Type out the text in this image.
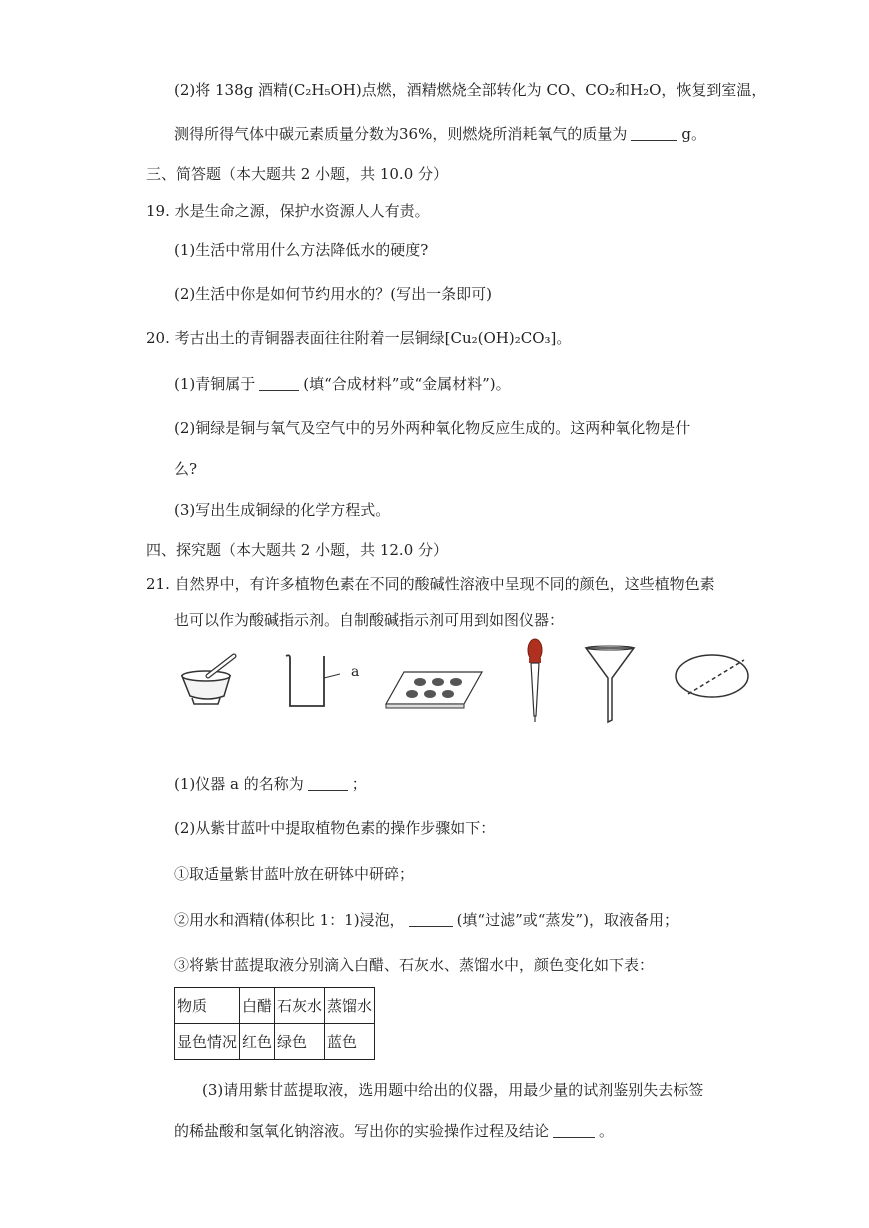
(2)将 138g 酒精(C₂H₅OH)点燃，酒精燃烧全部转化为 CO、CO₂和H₂O，恢复到室温，
测得所得气体中碳元素质量分数为36%，则燃烧所消耗氧气的质量为	g。
三、简答题（本大题共 2 小题，共 10.0 分）
19. 水是生命之源，保护水资源人人有责。
(1)生活中常用什么方法降低水的硬度?
(2)生活中你是如何节约用水的？(写出一条即可)
20. 考古出土的青铜器表面往往附着一层铜绿[Cu₂(OH)₂CO₃]。
(1)青铜属于	(填“合成材料”或“金属材料”)。
(2)铜绿是铜与氧气及空气中的另外两种氧化物反应生成的。这两种氧化物是什
么?
(3)写出生成铜绿的化学方程式。
四、探究题（本大题共 2 小题，共 12.0 分）
21. 自然界中，有许多植物色素在不同的酸碱性溶液中呈现不同的颜色，这些植物色素
也可以作为酸碱指示剂。自制酸碱指示剂可用到如图仪器：
a
(1)仪器 a 的名称为	；
(2)从紫甘蓝叶中提取植物色素的操作步骤如下：
①取适量紫甘蓝叶放在研钵中研碎；
②用水和酒精(体积比 1：1)浸泡，	(填“过滤”或“蒸发”)，取液备用；
③将紫甘蓝提取液分别滴入白醋、石灰水、蒸馏水中，颜色变化如下表：
物质	白醋	石灰水	蒸馏水
显色情况	红色	绿色	蓝色
(3)请用紫甘蓝提取液，选用题中给出的仪器，用最少量的试剂鉴别失去标签
的稀盐酸和氢氧化钠溶液。写出你的实验操作过程及结论	。
